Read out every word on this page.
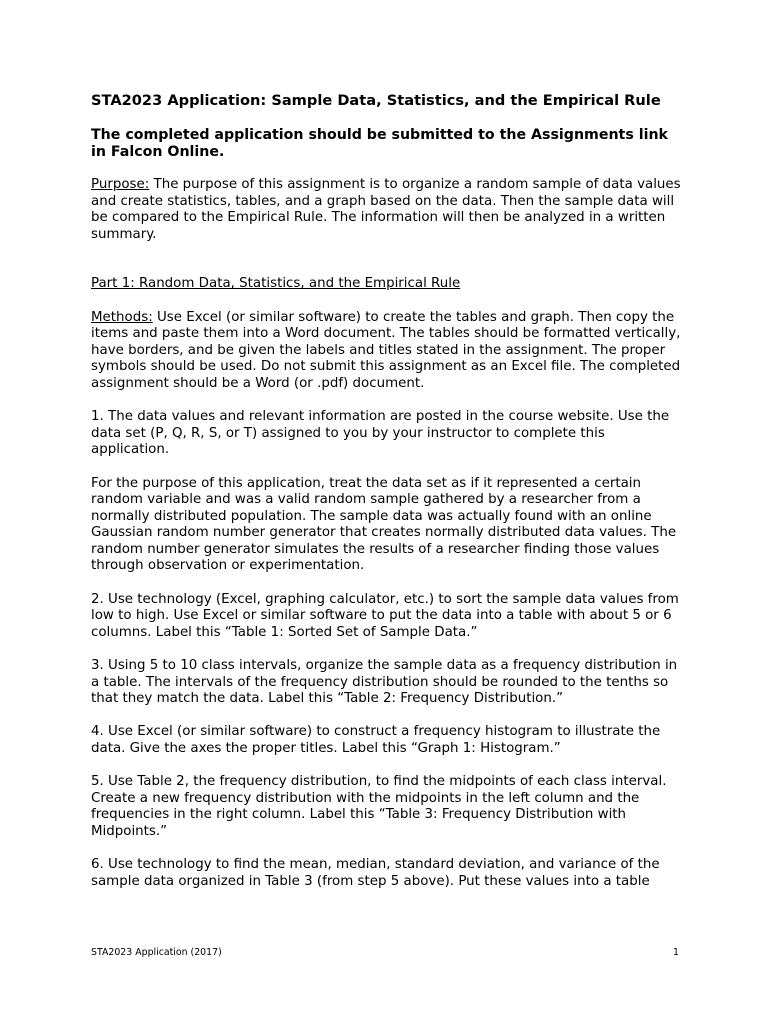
STA2023 Application: Sample Data, Statistics, and the Empirical Rule

The completed application should be submitted to the Assignments link in Falcon Online.

Purpose: The purpose of this assignment is to organize a random sample of data values and create statistics, tables, and a graph based on the data. Then the sample data will be compared to the Empirical Rule. The information will then be analyzed in a written summary.

Part 1: Random Data, Statistics, and the Empirical Rule

Methods: Use Excel (or similar software) to create the tables and graph. Then copy the items and paste them into a Word document. The tables should be formatted vertically, have borders, and be given the labels and titles stated in the assignment. The proper symbols should be used. Do not submit this assignment as an Excel file. The completed assignment should be a Word (or .pdf) document.

1. The data values and relevant information are posted in the course website. Use the data set (P, Q, R, S, or T) assigned to you by your instructor to complete this application.

For the purpose of this application, treat the data set as if it represented a certain random variable and was a valid random sample gathered by a researcher from a normally distributed population. The sample data was actually found with an online Gaussian random number generator that creates normally distributed data values. The random number generator simulates the results of a researcher finding those values through observation or experimentation.

2. Use technology (Excel, graphing calculator, etc.) to sort the sample data values from low to high. Use Excel or similar software to put the data into a table with about 5 or 6 columns. Label this “Table 1: Sorted Set of Sample Data.”

3. Using 5 to 10 class intervals, organize the sample data as a frequency distribution in a table. The intervals of the frequency distribution should be rounded to the tenths so that they match the data. Label this “Table 2: Frequency Distribution.”

4. Use Excel (or similar software) to construct a frequency histogram to illustrate the data. Give the axes the proper titles. Label this “Graph 1: Histogram.”

5. Use Table 2, the frequency distribution, to find the midpoints of each class interval. Create a new frequency distribution with the midpoints in the left column and the frequencies in the right column. Label this “Table 3: Frequency Distribution with Midpoints.”

6. Use technology to find the mean, median, standard deviation, and variance of the sample data organized in Table 3 (from step 5 above). Put these values into a table

STA2023 Application (2017)	1
